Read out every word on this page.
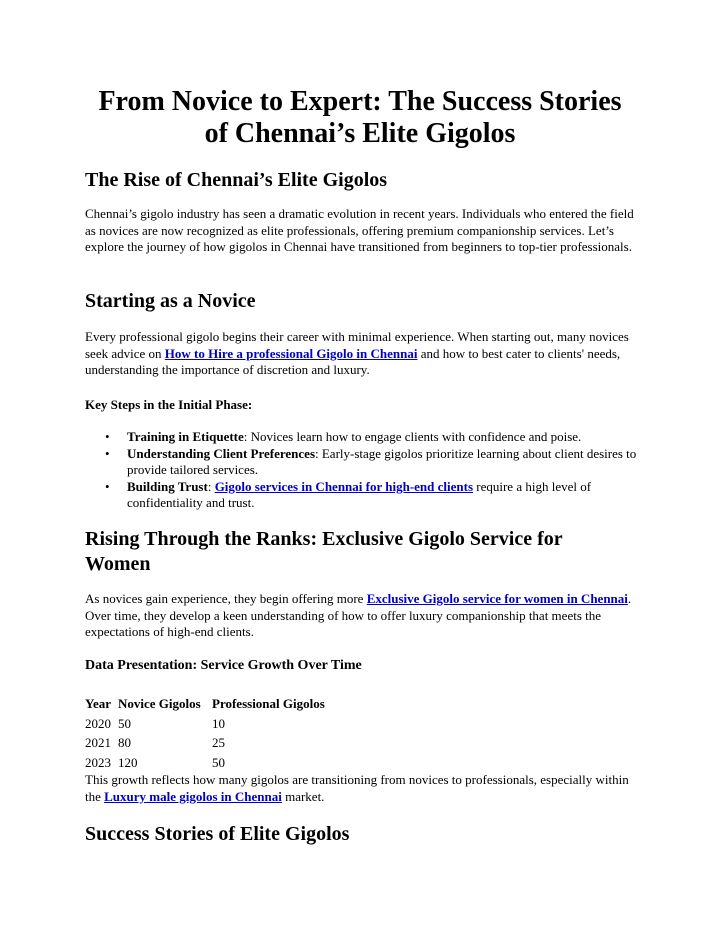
From Novice to Expert: The Success Stories
of Chennai’s Elite Gigolos
The Rise of Chennai’s Elite Gigolos
Chennai’s gigolo industry has seen a dramatic evolution in recent years. Individuals who entered the field as novices are now recognized as elite professionals, offering premium companionship services. Let’s explore the journey of how gigolos in Chennai have transitioned from beginners to top-tier professionals.
Starting as a Novice
Every professional gigolo begins their career with minimal experience. When starting out, many novices seek advice on How to Hire a professional Gigolo in Chennai and how to best cater to clients' needs, understanding the importance of discretion and luxury.
Key Steps in the Initial Phase:
• Training in Etiquette: Novices learn how to engage clients with confidence and poise.
• Understanding Client Preferences: Early-stage gigolos prioritize learning about client desires to provide tailored services.
• Building Trust: Gigolo services in Chennai for high-end clients require a high level of confidentiality and trust.
Rising Through the Ranks: Exclusive Gigolo Service for
Women
As novices gain experience, they begin offering more Exclusive Gigolo service for women in Chennai. Over time, they develop a keen understanding of how to offer luxury companionship that meets the expectations of high-end clients.
Data Presentation: Service Growth Over Time
Year	Novice Gigolos	Professional Gigolos
2020	50	10
2021	80	25
2023	120	50
This growth reflects how many gigolos are transitioning from novices to professionals, especially within the Luxury male gigolos in Chennai market.
Success Stories of Elite Gigolos
